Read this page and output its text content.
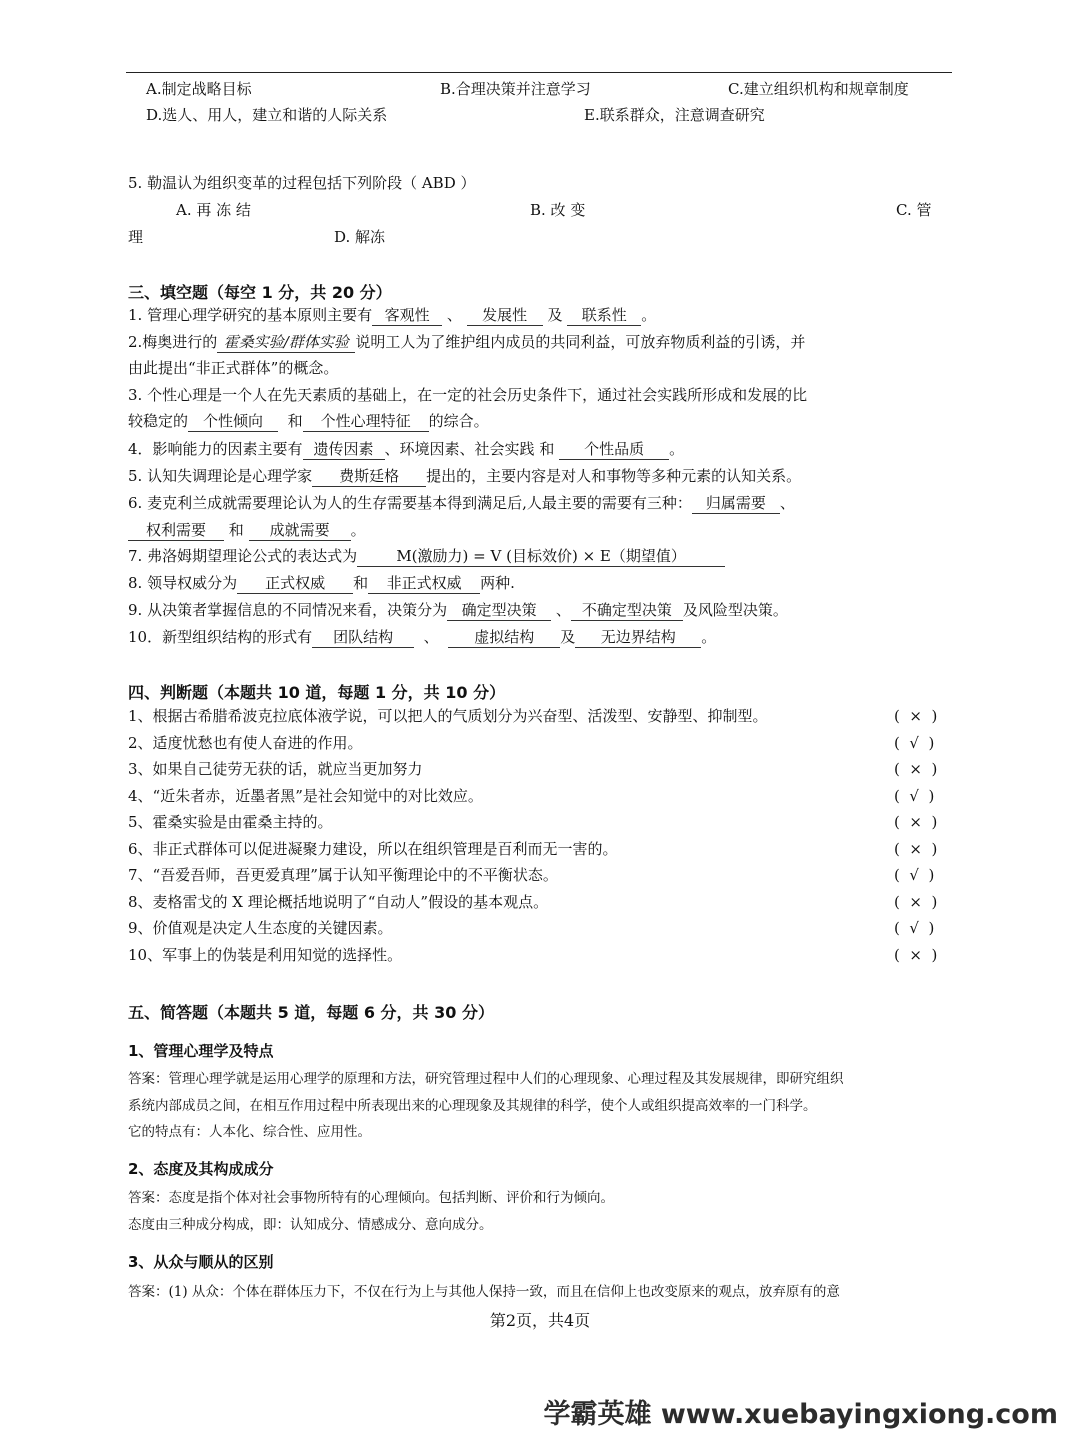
A.制定战略目标	B.合理决策并注意学习	C.建立组织机构和规章制度
D.选人、用人，建立和谐的人际关系	E.联系群众，注意调查研究
5. 勒温认为组织变革的过程包括下列阶段（ ABD ）
A. 再 冻 结	B. 改 变	C. 管
理	D. 解冻
三、填空题（每空 1 分，共 20 分）
1. 管理心理学研究的基本原则主要有 客观性 、 发展性 及 联系性 。
2.梅奥进行的 霍桑实验/群体实验 说明工人为了维护组内成员的共同利益，可放弃物质利益的引诱，并
由此提出“非正式群体”的概念。
3. 个性心理是一个人在先天素质的基础上，在一定的社会历史条件下，通过社会实践所形成和发展的比
较稳定的 个性倾向 和 个性心理特征 的综合。
4．影响能力的因素主要有 遗传因素 、环境因素、社会实践 和 个性品质 。
5. 认知失调理论是心理学家 费斯廷格 提出的，主要内容是对人和事物等多种元素的认知关系。
6. 麦克利兰成就需要理论认为人的生存需要基本得到满足后,人最主要的需要有三种： 归属需要 、
权利需要 和 成就需要 。
7. 弗洛姆期望理论公式的表达式为	M(激励力) = V (目标效价) × E（期望值）
8. 领导权威分为 正式权威 和 非正式权威 两种.
9. 从决策者掌握信息的不同情况来看，决策分为 确定型决策 、 不确定型决策 及风险型决策。
10．新型组织结构的形式有 团队结构 、 虚拟结构 及 无边界结构 。
四、判断题（本题共 10 道，每题 1 分，共 10 分）
1、根据古希腊希波克拉底体液学说，可以把人的气质划分为兴奋型、活泼型、安静型、抑制型。	(  ×  )
2、适度忧愁也有使人奋进的作用。	(  √  )
3、如果自己徒劳无获的话，就应当更加努力	(  ×  )
4、“近朱者赤，近墨者黑”是社会知觉中的对比效应。	(  √  )
5、霍桑实验是由霍桑主持的。	(  ×  )
6、非正式群体可以促进凝聚力建设，所以在组织管理是百利而无一害的。	(  ×  )
7、“吾爱吾师，吾更爱真理”属于认知平衡理论中的不平衡状态。	(  √  )
8、麦格雷戈的 X 理论概括地说明了“自动人”假设的基本观点。	(  ×  )
9、价值观是决定人生态度的关键因素。	(  √  )
10、军事上的伪装是利用知觉的选择性。	(  ×  )
五、简答题（本题共 5 道，每题 6 分，共 30 分）
1、管理心理学及特点
答案：管理心理学就是运用心理学的原理和方法，研究管理过程中人们的心理现象、心理过程及其发展规律，即研究组织
系统内部成员之间，在相互作用过程中所表现出来的心理现象及其规律的科学，使个人或组织提高效率的一门科学。
它的特点有：人本化、综合性、应用性。
2、态度及其构成成分
答案：态度是指个体对社会事物所特有的心理倾向。包括判断、评价和行为倾向。
态度由三种成分构成，即：认知成分、情感成分、意向成分。
3、从众与顺从的区别
答案：(1) 从众：个体在群体压力下，不仅在行为上与其他人保持一致，而且在信仰上也改变原来的观点，放弃原有的意
第2页，共4页
学霸英雄 www.xuebayingxiong.com
